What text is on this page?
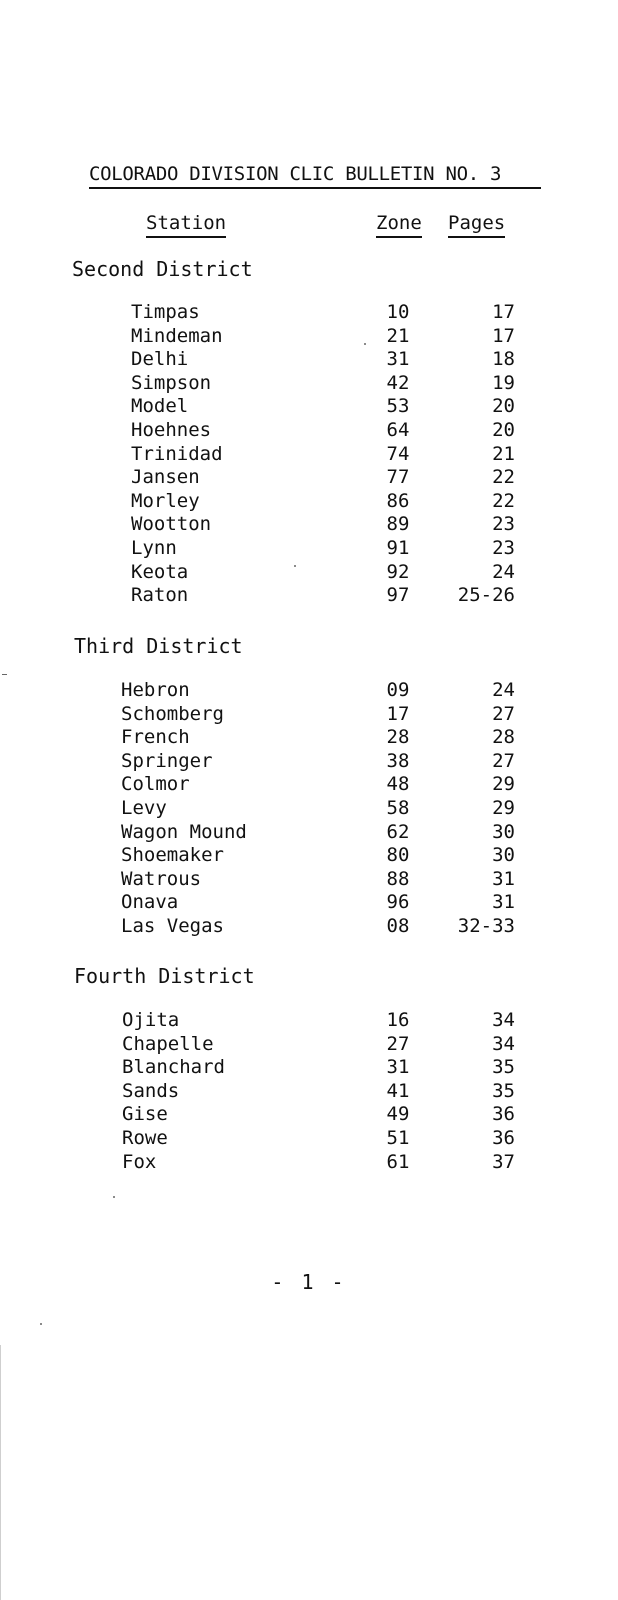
COLORADO DIVISION CLIC BULLETIN NO. 3
Station	Zone Pages
Second District
Timpas	10	17
Mindeman	21	17
Delhi	31	18
Simpson	42	19
Model	53	20
Hoehnes	64	20
Trinidad	74	21
Jansen	77	22
Morley	86	22
Wootton	89	23
Lynn	91	23
Keota	92	24
Raton	97	25-26
Third District
Hebron	09	24
Schomberg	17	27
French	28	28
Springer	38	27
Colmor	48	29
Levy	58	29
Wagon Mound	62	30
Shoemaker	80	30
Watrous	88	31
Onava	96	31
Las Vegas	08	32-33
Fourth District
Ojita	16	34
Chapelle	27	34
Blanchard	31	35
Sands	41	35
Gise	49	36
Rowe	51	36
Fox	61	37
- 1 -
